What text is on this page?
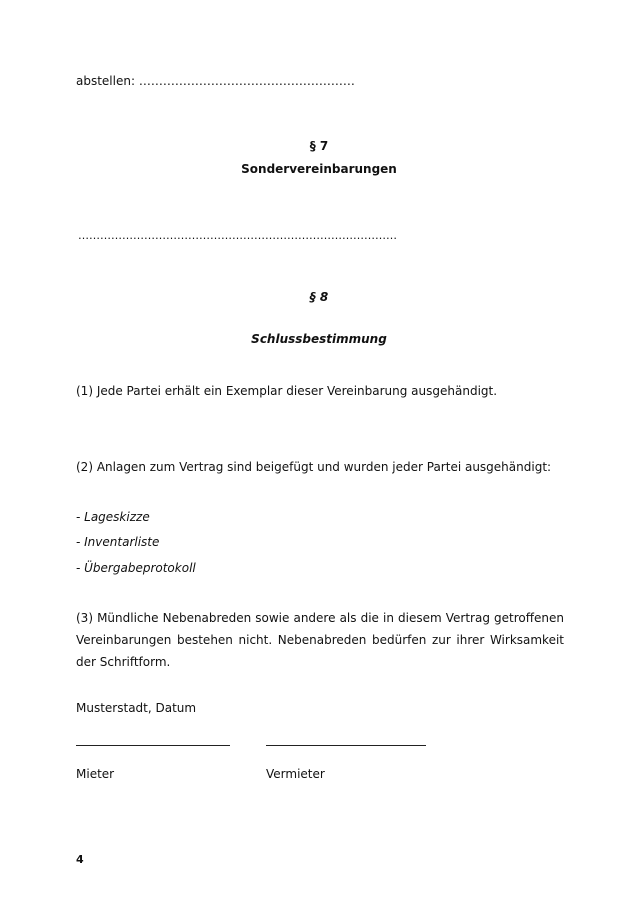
abstellen: ………………………………………………
§ 7
Sondervereinbarungen
……………………………………………………………………………
§ 8
Schlussbestimmung
(1) Jede Partei erhält ein Exemplar dieser Vereinbarung ausgehändigt.
(2) Anlagen zum Vertrag sind beigefügt und wurden jeder Partei ausgehändigt:
- Lageskizze
- Inventarliste
- Übergabeprotokoll
(3) Mündliche Nebenabreden sowie andere als die in diesem Vertrag getroffenen Vereinbarungen bestehen nicht. Nebenabreden bedürfen zur ihrer Wirksamkeit der Schriftform.
Musterstadt, Datum
Mieter	Vermieter
4
